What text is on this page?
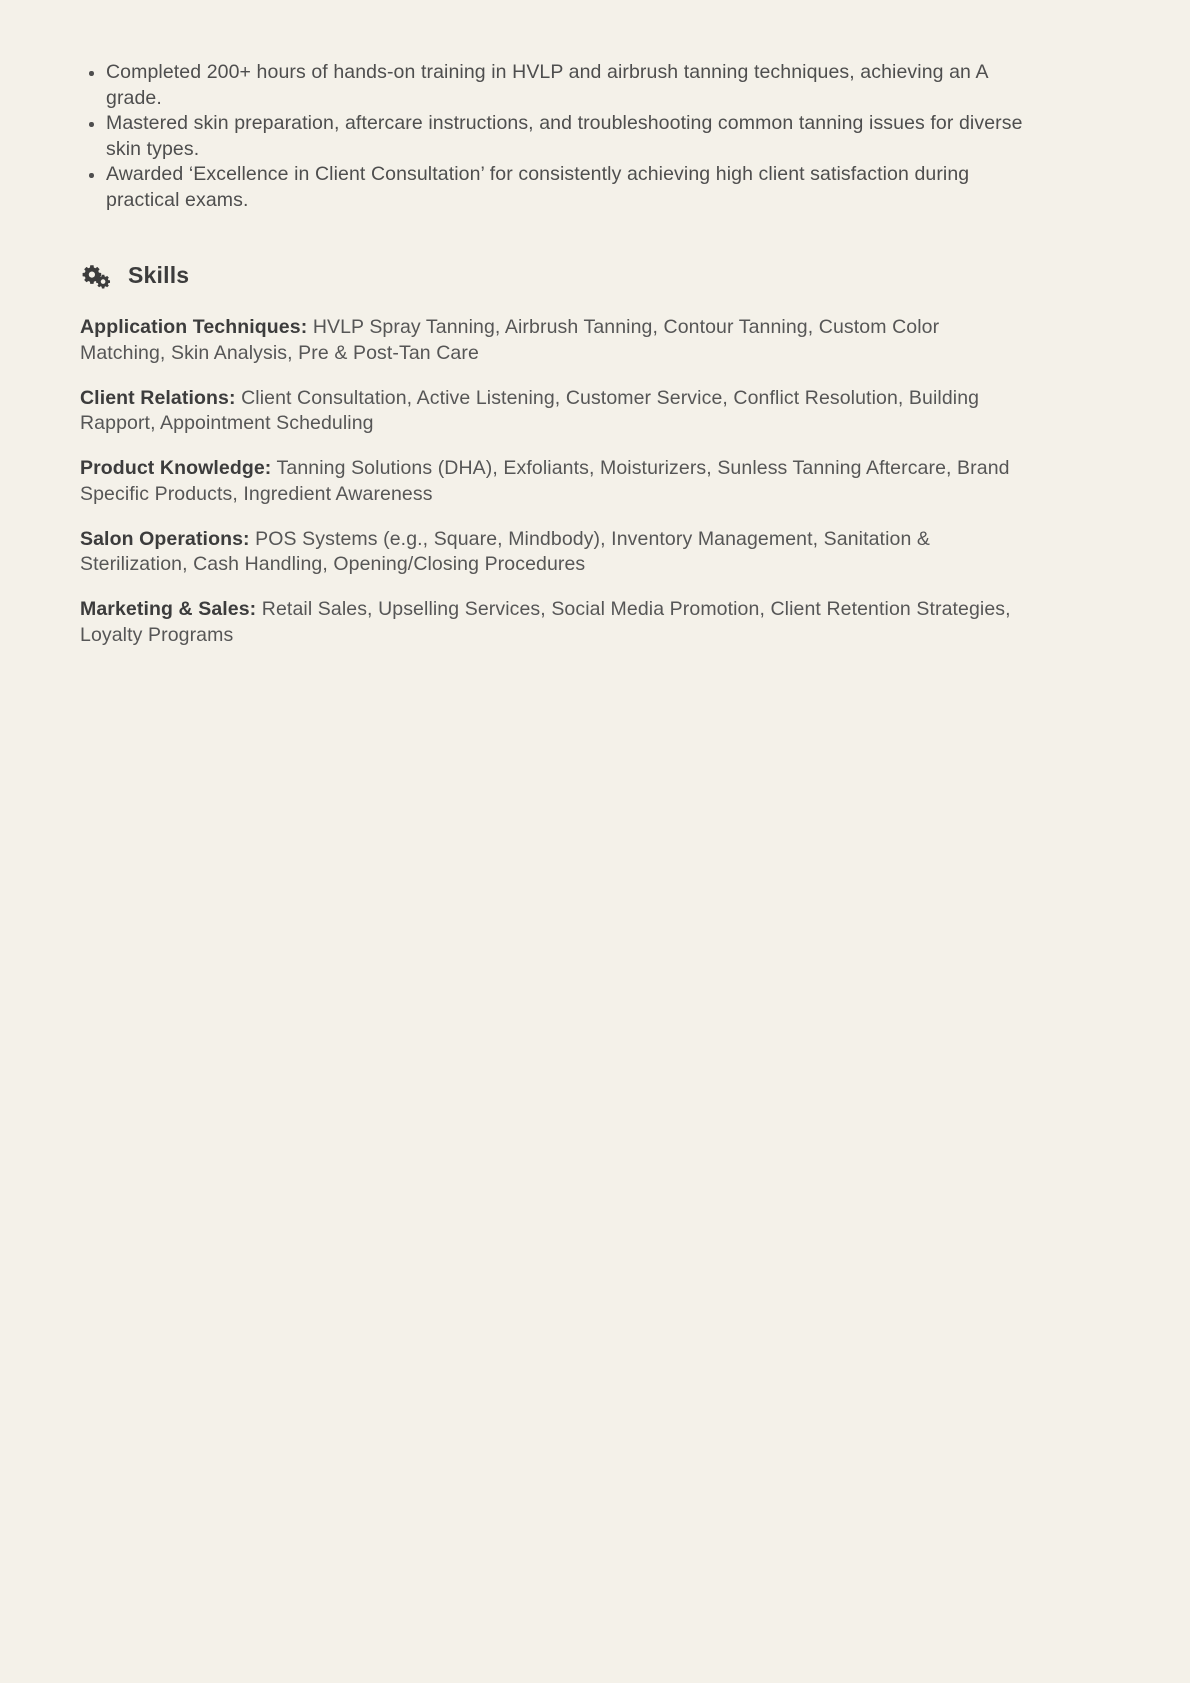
Completed 200+ hours of hands-on training in HVLP and airbrush tanning techniques, achieving an A grade.
Mastered skin preparation, aftercare instructions, and troubleshooting common tanning issues for diverse skin types.
Awarded ‘Excellence in Client Consultation’ for consistently achieving high client satisfaction during practical exams.
Skills

Application Techniques: HVLP Spray Tanning, Airbrush Tanning, Contour Tanning, Custom Color Matching, Skin Analysis, Pre & Post-Tan Care

Client Relations: Client Consultation, Active Listening, Customer Service, Conflict Resolution, Building Rapport, Appointment Scheduling

Product Knowledge: Tanning Solutions (DHA), Exfoliants, Moisturizers, Sunless Tanning Aftercare, Brand Specific Products, Ingredient Awareness

Salon Operations: POS Systems (e.g., Square, Mindbody), Inventory Management, Sanitation & Sterilization, Cash Handling, Opening/Closing Procedures

Marketing & Sales: Retail Sales, Upselling Services, Social Media Promotion, Client Retention Strategies, Loyalty Programs
